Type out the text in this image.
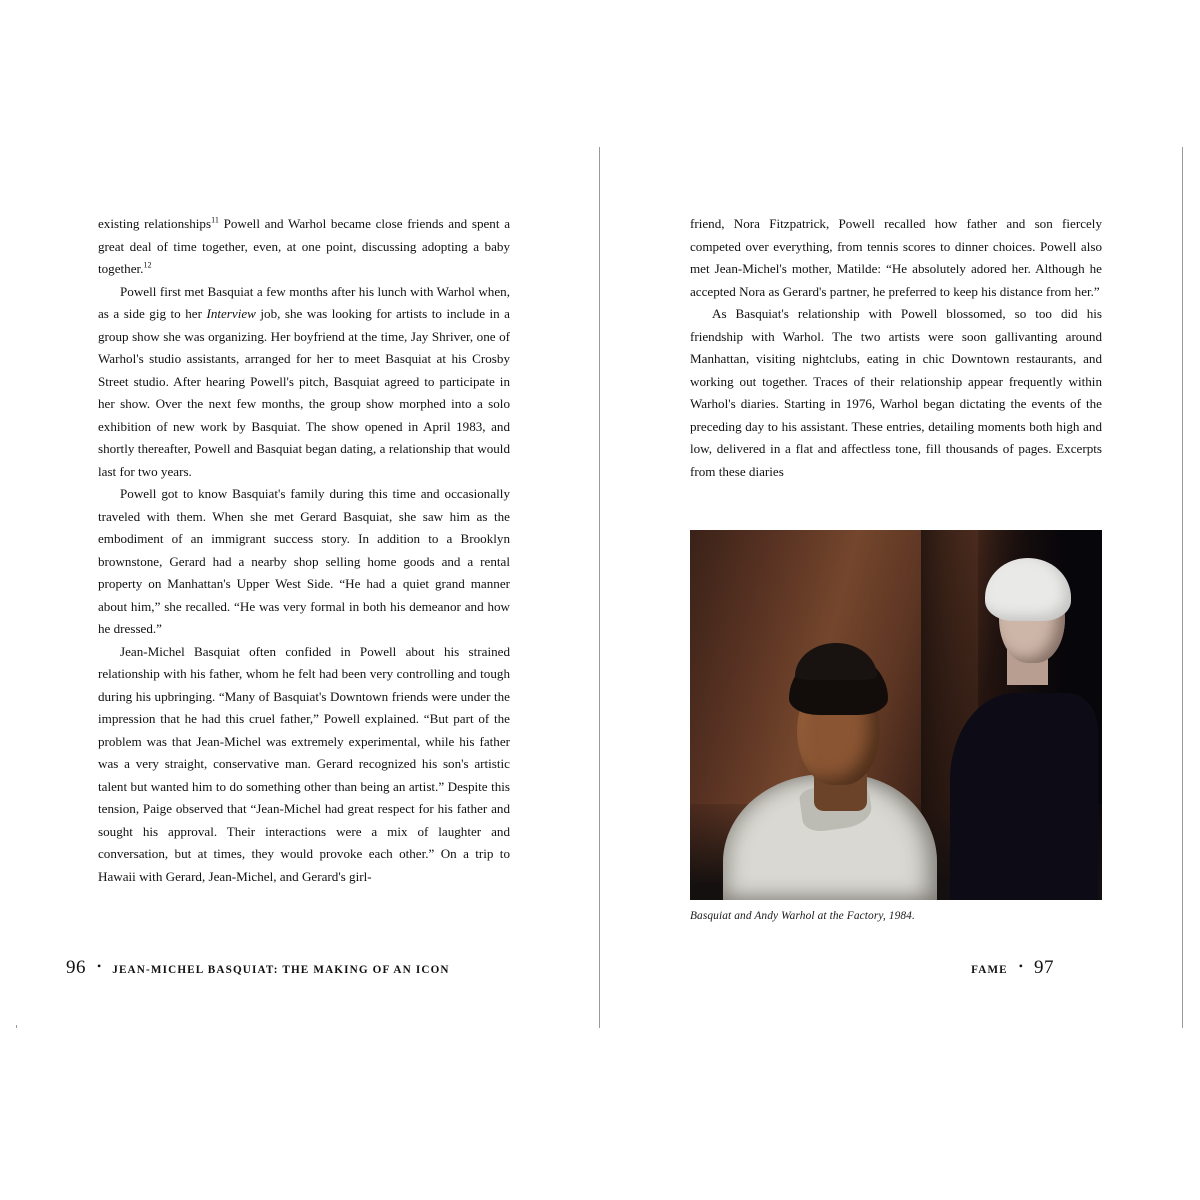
existing relationships$^{11}$ Powell and Warhol became close friends and spent a great deal of time together, even, at one point, discussing adopting a baby together.$^{12}$

Powell first met Basquiat a few months after his lunch with Warhol when, as a side gig to her Interview job, she was looking for artists to include in a group show she was organizing. Her boyfriend at the time, Jay Shriver, one of Warhol's studio assistants, arranged for her to meet Basquiat at his Crosby Street studio. After hearing Powell's pitch, Basquiat agreed to participate in her show. Over the next few months, the group show morphed into a solo exhibition of new work by Basquiat. The show opened in April 1983, and shortly thereafter, Powell and Basquiat began dating, a relationship that would last for two years.

Powell got to know Basquiat's family during this time and occasionally traveled with them. When she met Gerard Basquiat, she saw him as the embodiment of an immigrant success story. In addition to a Brooklyn brownstone, Gerard had a nearby shop selling home goods and a rental property on Manhattan's Upper West Side. “He had a quiet grand manner about him,” she recalled. “He was very formal in both his demeanor and how he dressed.”

Jean-Michel Basquiat often confided in Powell about his strained relationship with his father, whom he felt had been very controlling and tough during his upbringing. “Many of Basquiat's Downtown friends were under the impression that he had this cruel father,” Powell explained. “But part of the problem was that Jean-Michel was extremely experimental, while his father was a very straight, conservative man. Gerard recognized his son's artistic talent but wanted him to do something other than being an artist.” Despite this tension, Paige observed that “Jean-Michel had great respect for his father and sought his approval. Their interactions were a mix of laughter and conversation, but at times, they would provoke each other.” On a trip to Hawaii with Gerard, Jean-Michel, and Gerard's girl-

96 • JEAN-MICHEL BASQUIAT: THE MAKING OF AN ICON

friend, Nora Fitzpatrick, Powell recalled how father and son fiercely competed over everything, from tennis scores to dinner choices. Powell also met Jean-Michel's mother, Matilde: “He absolutely adored her. Although he accepted Nora as Gerard's partner, he preferred to keep his distance from her.”

As Basquiat's relationship with Powell blossomed, so too did his friendship with Warhol. The two artists were soon gallivanting around Manhattan, visiting nightclubs, eating in chic Downtown restaurants, and working out together. Traces of their relationship appear frequently within Warhol's diaries. Starting in 1976, Warhol began dictating the events of the preceding day to his assistant. These entries, detailing moments both high and low, delivered in a flat and affectless tone, fill thousands of pages. Excerpts from these diaries

Basquiat and Andy Warhol at the Factory, 1984.
FAME • 97
